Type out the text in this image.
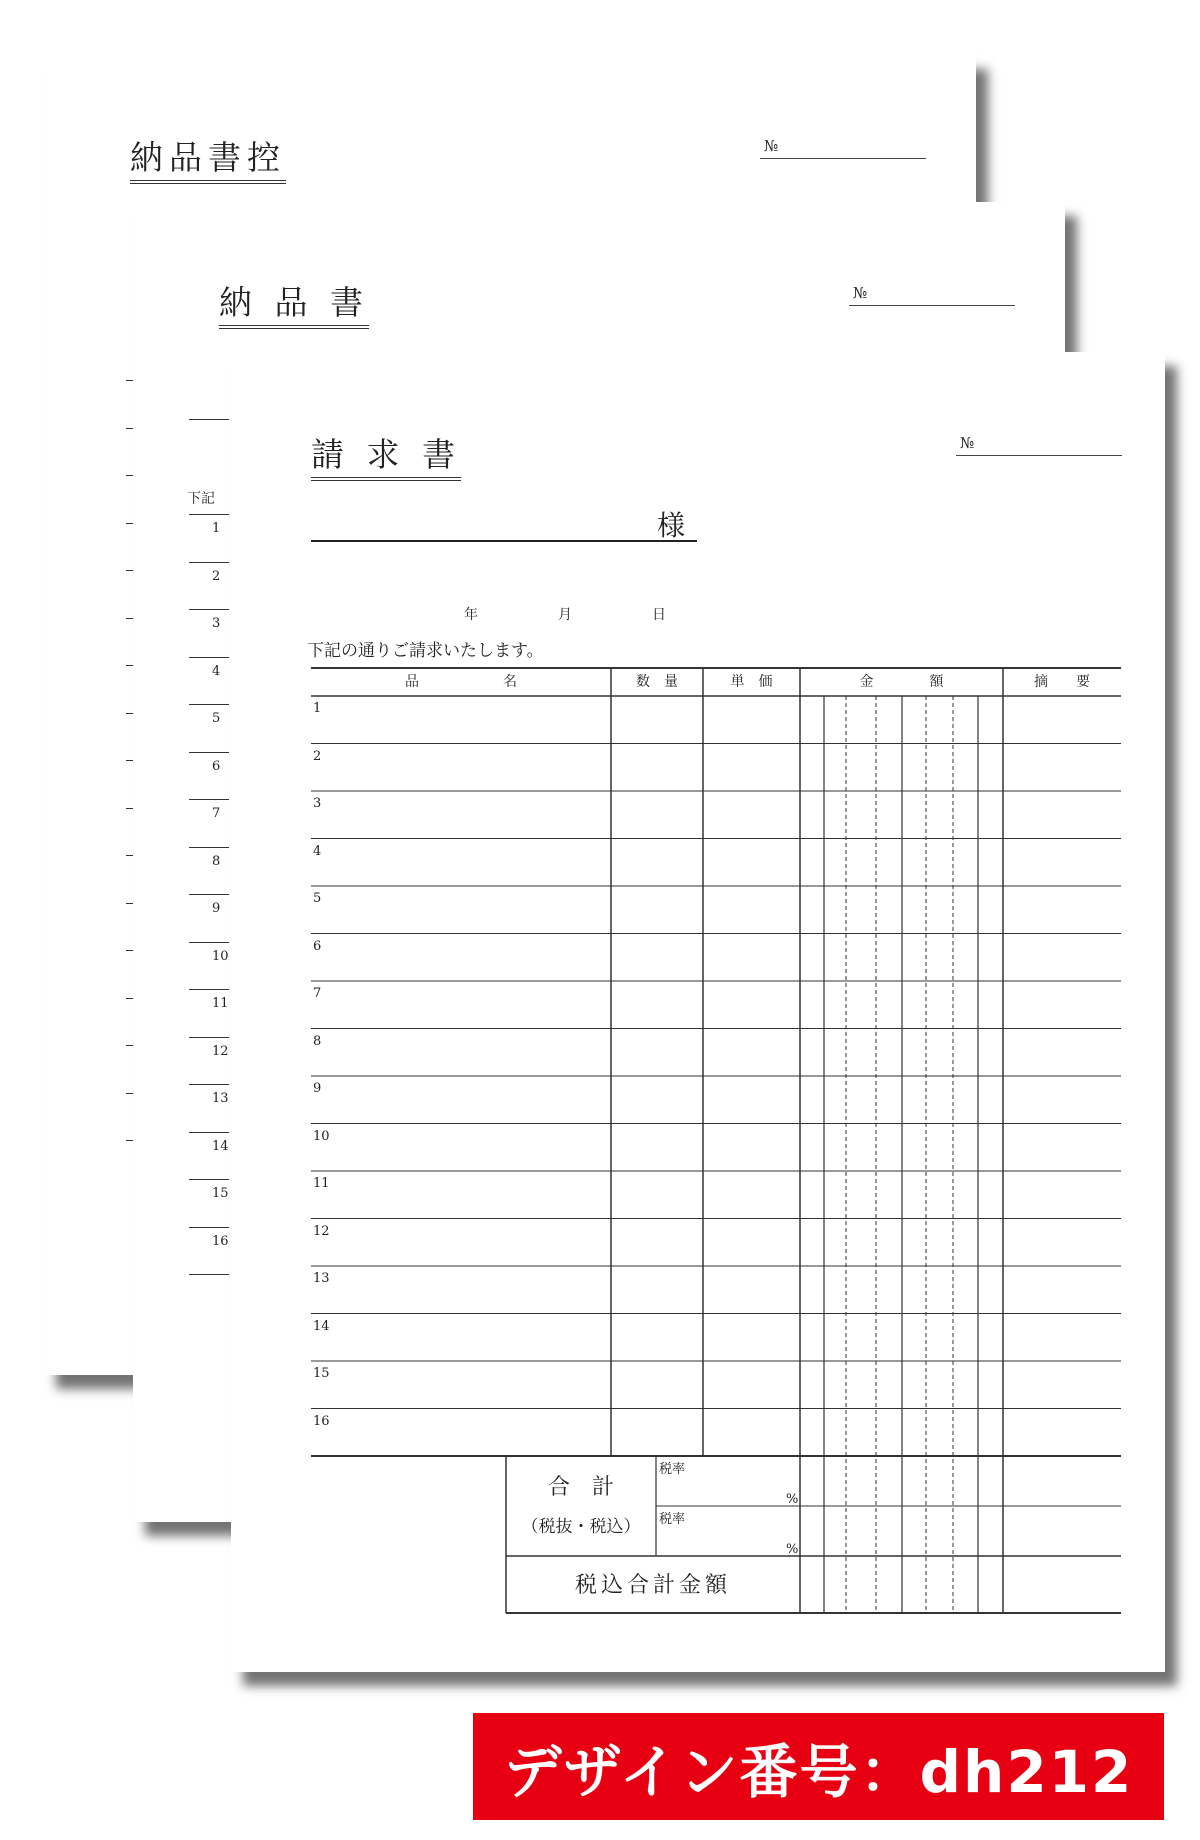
納品書控	№
納 品 書	№
下記
1
2
3
4
5
6
7
8
9
10
11
12
13
14
15
16
請 求 書	№
様
年	月	日
下記の通りご請求いたします。
品　　　　　　名	数　量	単　価	金　　　　額	摘　　要
1
2
3
4
5
6
7
8
9
10
11
12
13
14
15
16
合　計
（税抜・税込）
税率
%
税率
%
税込合計金額
デザイン番号：dh212
